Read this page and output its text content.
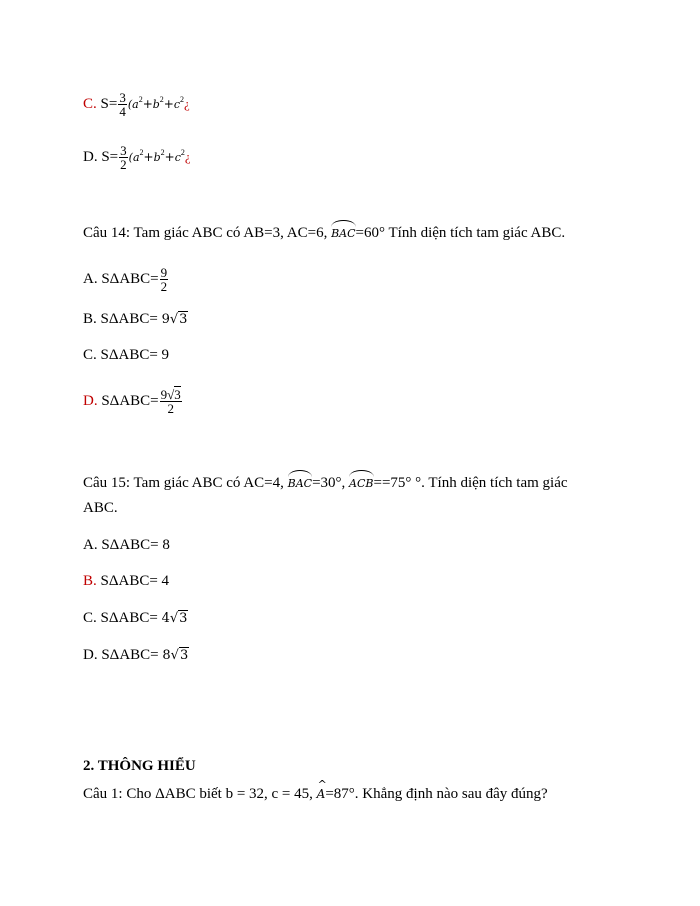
C. $S= \frac{3}{4}$ ($a^2+b^2+c^2¿$
D. $S= \frac{3}{2}$ ($a^2+b^2+c^2¿$
Câu 14: Tam giác ABC có AB=3, AC=6, BAC=60° Tính diện tích tam giác ABC.
A. $S\Delta ABC= \frac{9}{2}$
B. SΔABC= 9√3
C. SΔABC= 9
D. $S\Delta ABC= \frac{9√3}{2}$
Câu 15: Tam giác ABC có AC=4, BAC=30°, ACB==75° °. Tính diện tích tam giác
ABC.
A. SΔABC= 8
B. SΔABC= 4
C. SΔABC= 4√3
D. SΔABC= 8√3
2. THÔNG HIỂU
Câu 1: Cho ΔABC biết b = 32, c = 45, ^ A=87°. Khẳng định nào sau đây đúng?
